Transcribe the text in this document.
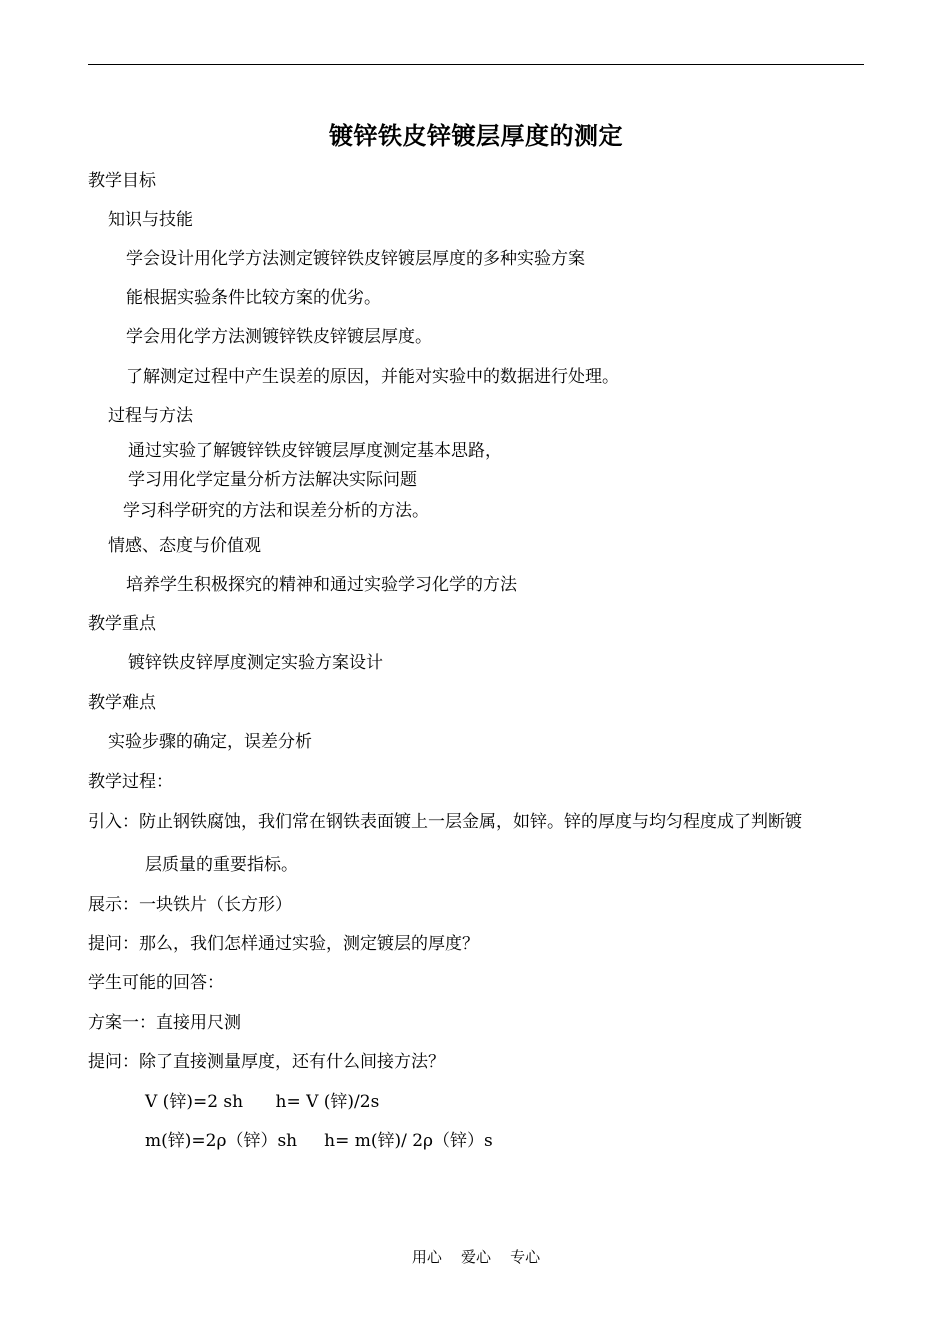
镀锌铁皮锌镀层厚度的测定
教学目标
知识与技能
学会设计用化学方法测定镀锌铁皮锌镀层厚度的多种实验方案
能根据实验条件比较方案的优劣。
学会用化学方法测镀锌铁皮锌镀层厚度。
了解测定过程中产生误差的原因，并能对实验中的数据进行处理。
过程与方法
通过实验了解镀锌铁皮锌镀层厚度测定基本思路，
学习用化学定量分析方法解决实际问题
学习科学研究的方法和误差分析的方法。
情感、态度与价值观
培养学生积极探究的精神和通过实验学习化学的方法
教学重点
镀锌铁皮锌厚度测定实验方案设计
教学难点
实验步骤的确定，误差分析
教学过程：
引入：防止钢铁腐蚀，我们常在钢铁表面镀上一层金属，如锌。锌的厚度与均匀程度成了判断镀
层质量的重要指标。
展示：一块铁片（长方形）
提问：那么，我们怎样通过实验，测定镀层的厚度？
学生可能的回答：
方案一：直接用尺测
提问：除了直接测量厚度，还有什么间接方法？
V (锌)=2 sh      h= V (锌)/2s
m(锌)=2ρ（锌）sh     h= m(锌)/ 2ρ（锌）s
用心    爱心    专心
